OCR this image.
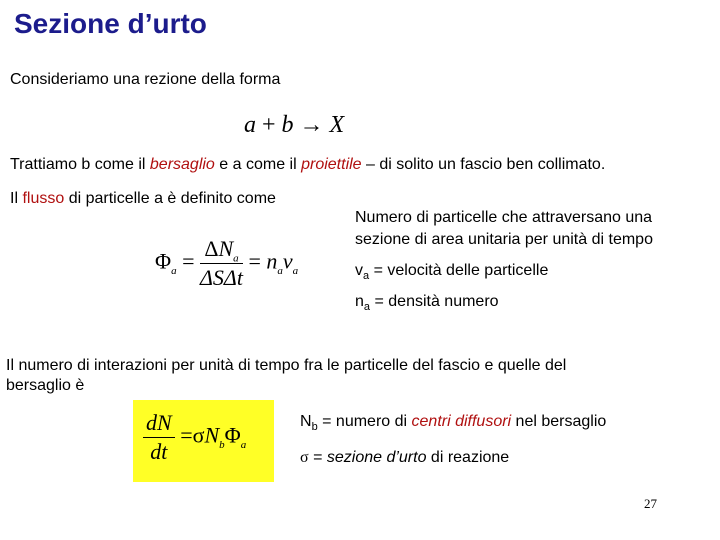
Sezione d’urto
Consideriamo una rezione della forma
a + b → X
Trattiamo b come il bersaglio e a come il proiettile – di solito un fascio ben collimato.
Il flusso di particelle a è definito come
$\Phi_a = \frac{\Delta N_a}{\text{ΔSΔt}} = n_av_a$
Numero di particelle che attraversano una
sezione di area unitaria per unità di tempo
$v_a$ = velocità delle particelle
$n_a$ = densità numero
Il numero di interazioni per unità di tempo fra le particelle del fascio e quelle del
bersaglio è
$\frac{dN}{dt} =\sigma N_b\Phi_a$
$N_b$ = numero di centri diffusori nel bersaglio
σ = sezione d’urto di reazione
27
